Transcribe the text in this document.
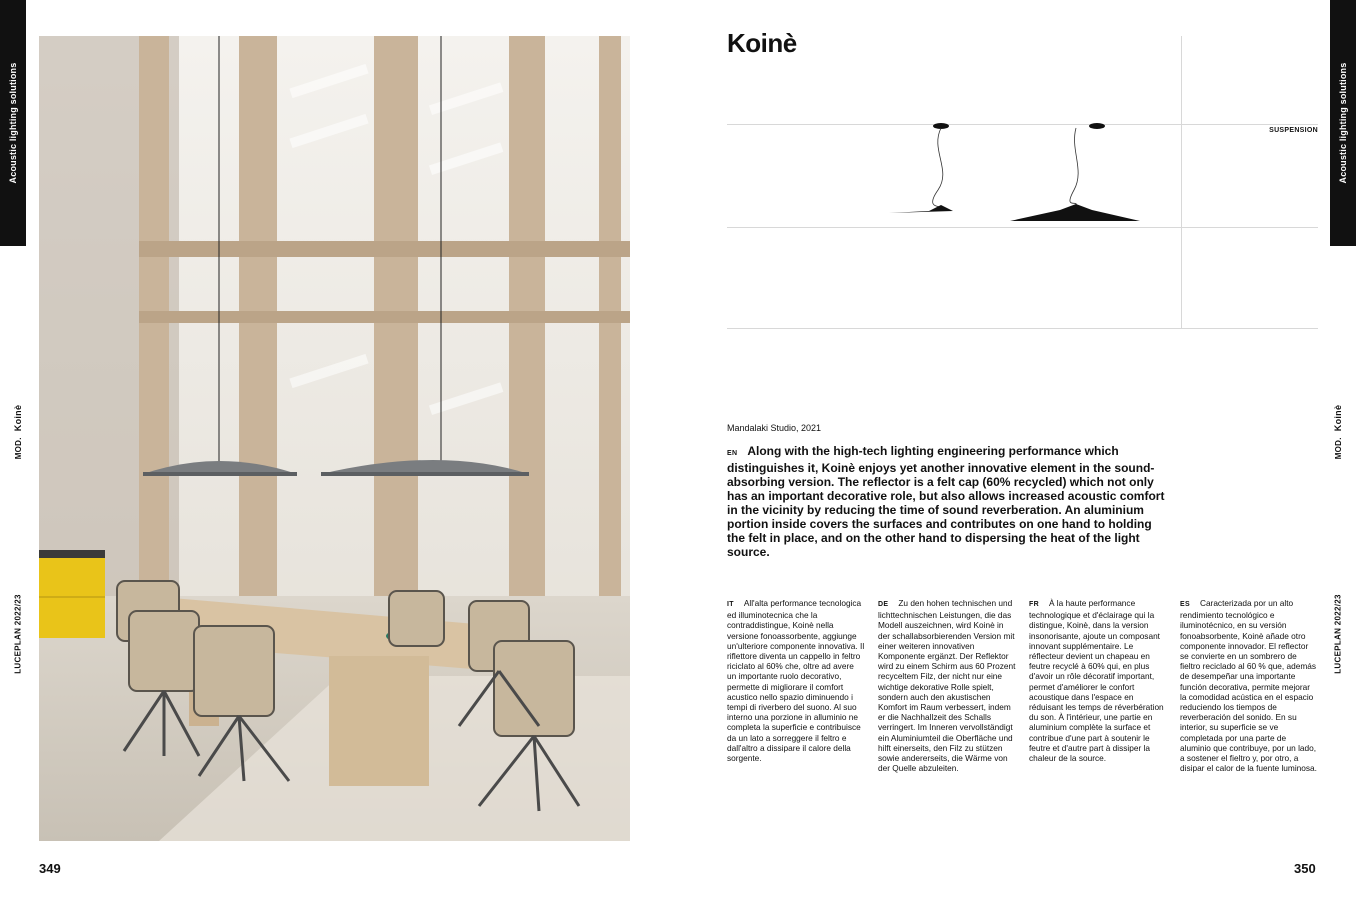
Acoustic lighting solutions
MOD.Koinè
LUCEPLAN 2022/23
349
Koinè
SUSPENSION
Mandalaki Studio, 2021
EN Along with the high-tech lighting engineering performance which distinguishes it, Koinè enjoys yet another innovative element in the sound-absorbing version. The reflector is a felt cap (60% recycled) which not only has an important decorative role, but also allows increased acoustic comfort in the vicinity by reducing the time of sound reverberation. An aluminium portion inside covers the surfaces and contributes on one hand to holding the felt in place, and on the other hand to dispersing the heat of the light source.
IT All'alta performance tecnologica ed illuminotecnica che la contraddistingue, Koinè nella versione fonoassorbente, aggiunge un'ulteriore componente innovativa. Il riflettore diventa un cappello in feltro riciclato al 60% che, oltre ad avere un importante ruolo decorativo, permette di migliorare il comfort acustico nello spazio diminuendo i tempi di riverbero del suono. Al suo interno una porzione in alluminio ne completa la superficie e contribuisce da un lato a sorreggere il feltro e dall'altro a dissipare il calore della sorgente.
DE Zu den hohen technischen und lichttechnischen Leistungen, die das Modell auszeichnen, wird Koinè in der schallabsorbierenden Version mit einer weiteren innovativen Komponente ergänzt. Der Reflektor wird zu einem Schirm aus 60 Prozent recyceltem Filz, der nicht nur eine wichtige dekorative Rolle spielt, sondern auch den akustischen Komfort im Raum verbessert, indem er die Nachhallzeit des Schalls verringert. Im Inneren vervollständigt ein Aluminiumteil die Oberfläche und hilft einerseits, den Filz zu stützen sowie andererseits, die Wärme von der Quelle abzuleiten.
FR À la haute performance technologique et d'éclairage qui la distingue, Koinè, dans la version insonorisante, ajoute un composant innovant supplémentaire. Le réflecteur devient un chapeau en feutre recyclé à 60% qui, en plus d'avoir un rôle décoratif important, permet d'améliorer le confort acoustique dans l'espace en réduisant les temps de réverbération du son. À l'intérieur, une partie en aluminium complète la surface et contribue d'une part à soutenir le feutre et d'autre part à dissiper la chaleur de la source.
ES Caracterizada por un alto rendimiento tecnológico e iluminotécnico, en su versión fonoabsorbente, Koinè añade otro componente innovador. El reflector se convierte en un sombrero de fieltro reciclado al 60 % que, además de desempeñar una importante función decorativa, permite mejorar la comodidad acústica en el espacio reduciendo los tiempos de reverberación del sonido. En su interior, su superficie se ve completada por una parte de aluminio que contribuye, por un lado, a sostener el fieltro y, por otro, a disipar el calor de la fuente luminosa.
350
Acoustic lighting solutions
MOD.Koinè
LUCEPLAN 2022/23
